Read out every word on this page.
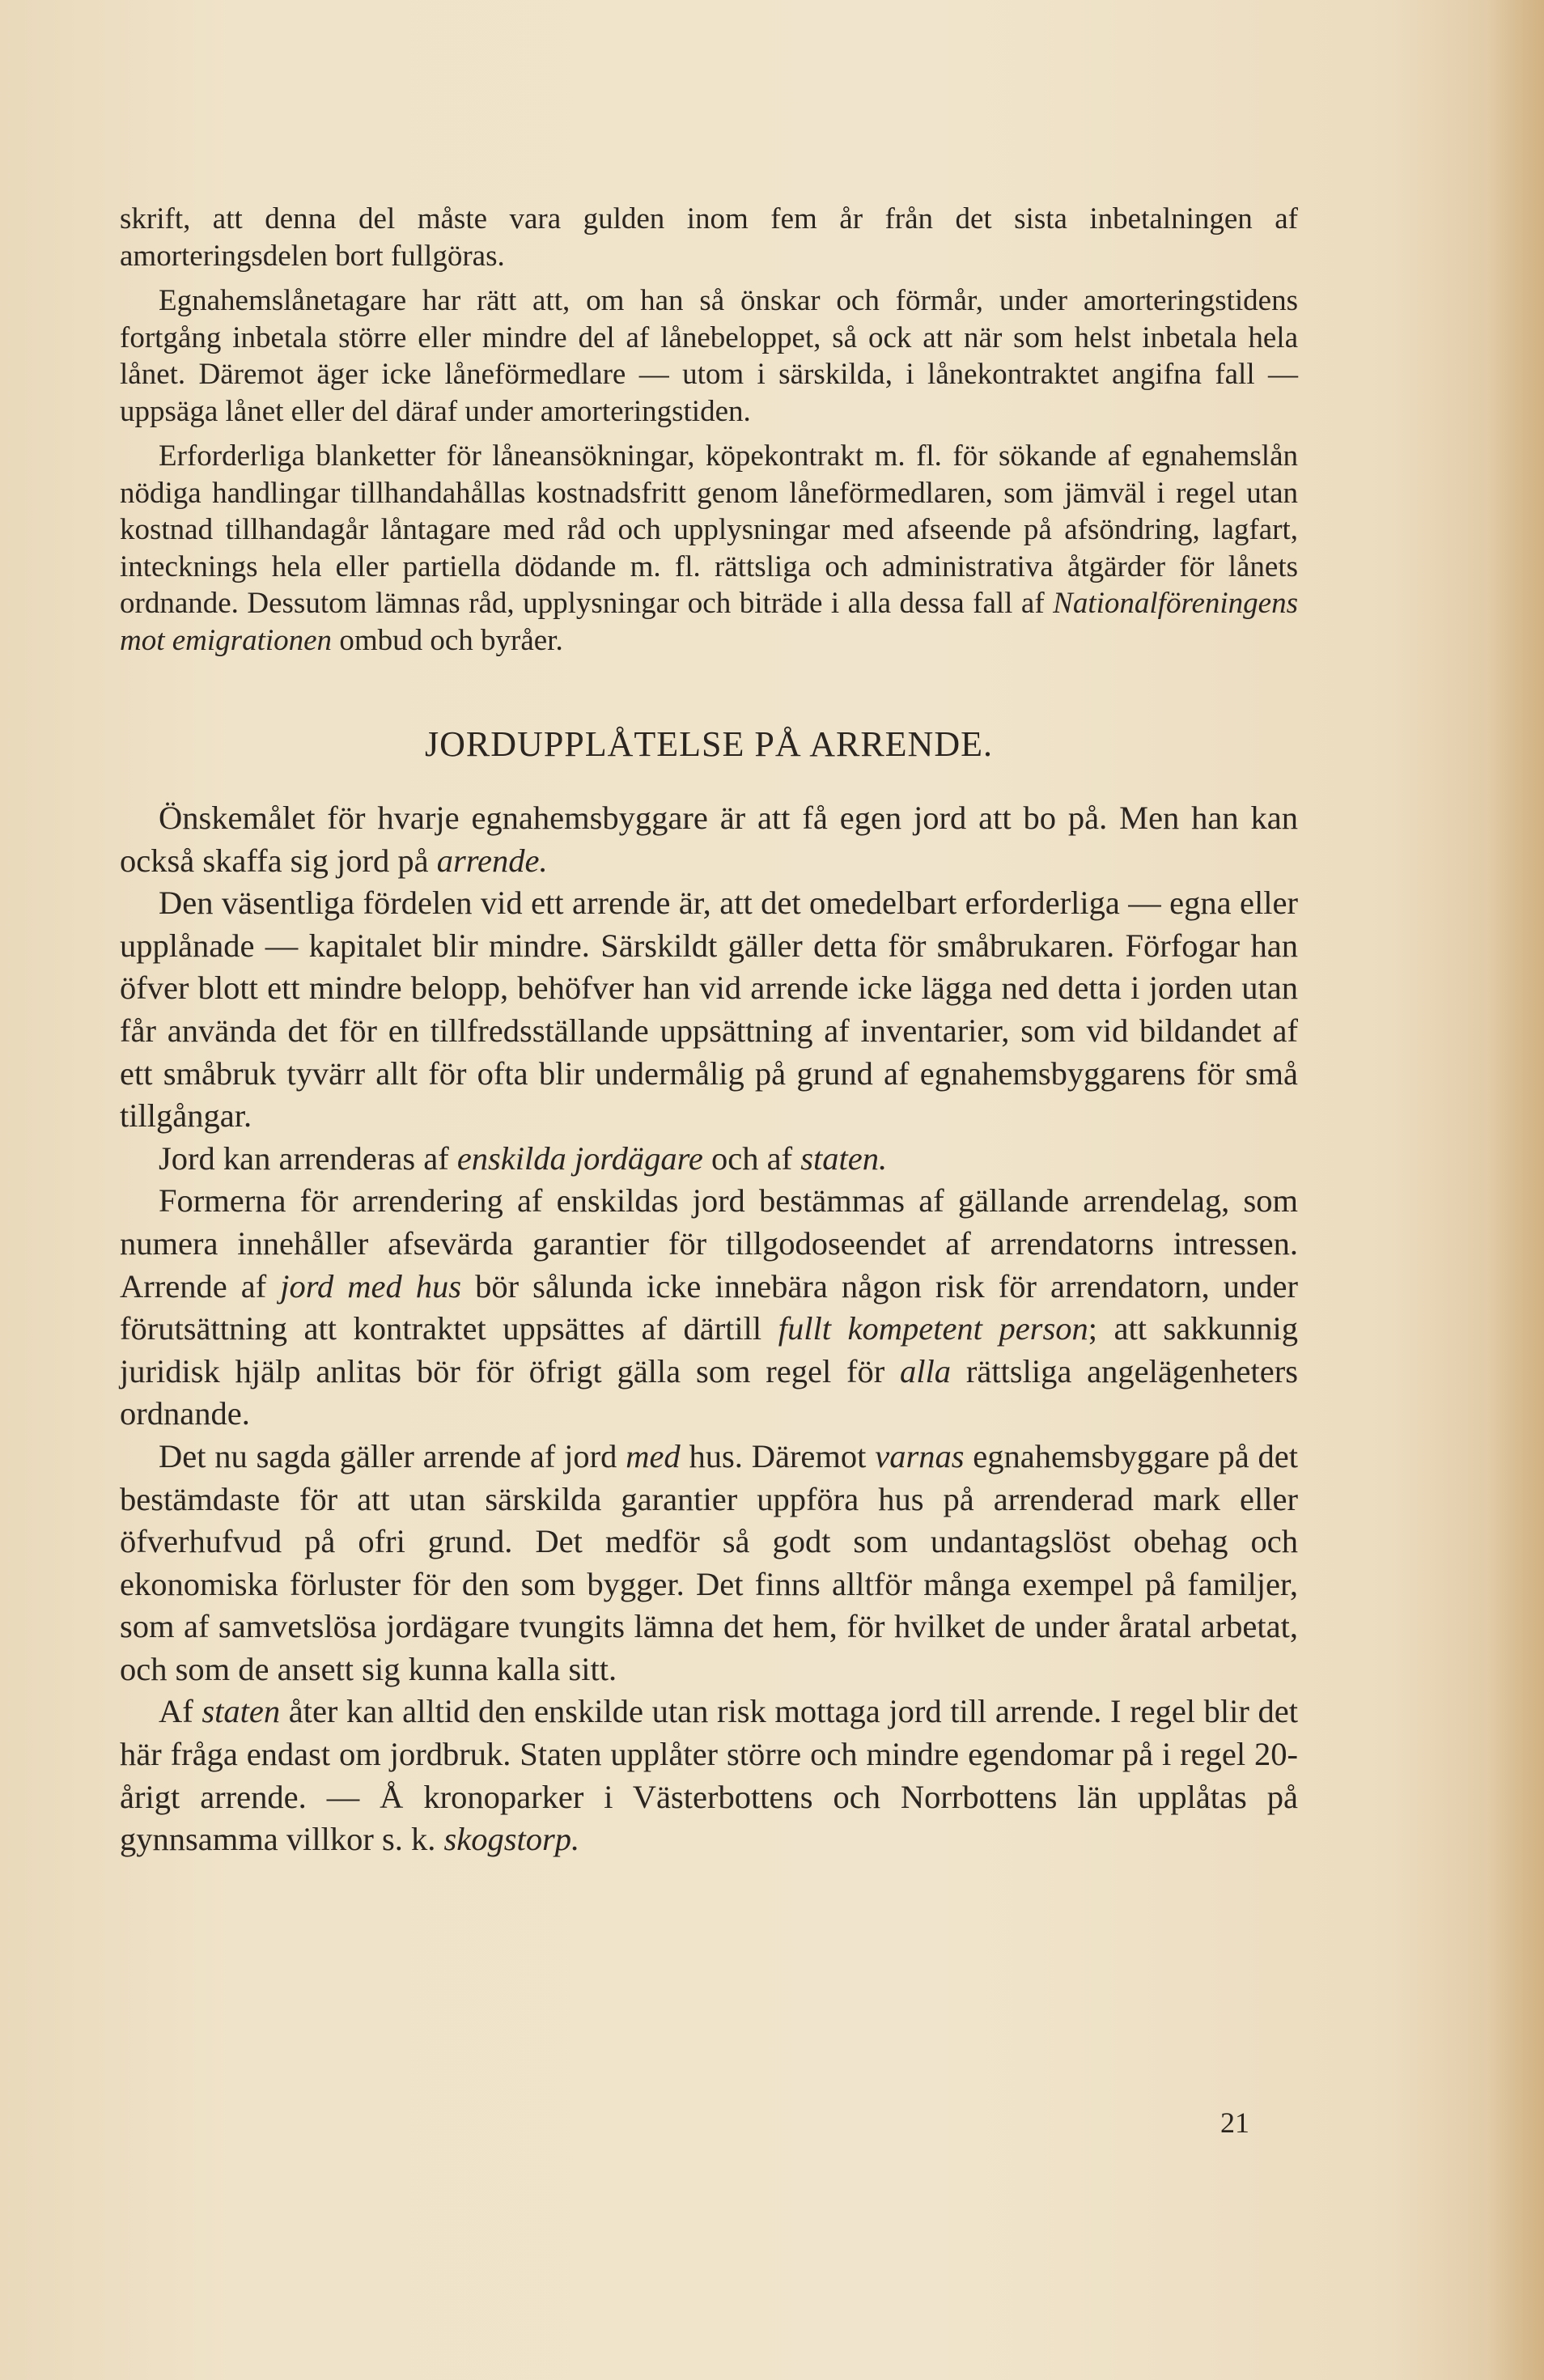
skrift, att denna del måste vara gulden inom fem år från det sista inbetalningen af amorteringsdelen bort fullgöras.

Egnahemslånetagare har rätt att, om han så önskar och förmår, under amorteringstidens fortgång inbetala större eller mindre del af lånebeloppet, så ock att när som helst inbetala hela lånet. Däremot äger icke låneförmedlare — utom i särskilda, i lånekontraktet angifna fall — uppsäga lånet eller del däraf under amorteringstiden.

Erforderliga blanketter för låneansökningar, köpekontrakt m. fl. för sökande af egnahemslån nödiga handlingar tillhandahållas kostnadsfritt genom låneförmedlaren, som jämväl i regel utan kostnad tillhandagår låntagare med råd och upplysningar med afseende på afsöndring, lagfart, intecknings hela eller partiella dödande m. fl. rättsliga och administrativa åtgärder för lånets ordnande. Dessutom lämnas råd, upplysningar och biträde i alla dessa fall af Nationalföreningens mot emigrationen ombud och byråer.

JORDUPPLÅTELSE PÅ ARRENDE.

Önskemålet för hvarje egnahemsbyggare är att få egen jord att bo på. Men han kan också skaffa sig jord på arrende.

Den väsentliga fördelen vid ett arrende är, att det omedelbart erforderliga — egna eller upplånade — kapitalet blir mindre. Särskildt gäller detta för småbrukaren. Förfogar han öfver blott ett mindre belopp, behöfver han vid arrende icke lägga ned detta i jorden utan får använda det för en tillfredsställande uppsättning af inventarier, som vid bildandet af ett småbruk tyvärr allt för ofta blir undermålig på grund af egnahemsbyggarens för små tillgångar.

Jord kan arrenderas af enskilda jordägare och af staten.

Formerna för arrendering af enskildas jord bestämmas af gällande arrendelag, som numera innehåller afsevärda garantier för tillgodoseendet af arrendatorns intressen. Arrende af jord med hus bör sålunda icke innebära någon risk för arrendatorn, under förutsättning att kontraktet uppsättes af därtill fullt kompetent person; att sakkunnig juridisk hjälp anlitas bör för öfrigt gälla som regel för alla rättsliga angelägenheters ordnande.

Det nu sagda gäller arrende af jord med hus. Däremot varnas egnahemsbyggare på det bestämdaste för att utan särskilda garantier uppföra hus på arrenderad mark eller öfverhufvud på ofri grund. Det medför så godt som undantagslöst obehag och ekonomiska förluster för den som bygger. Det finns alltför många exempel på familjer, som af samvetslösa jordägare tvungits lämna det hem, för hvilket de under åratal arbetat, och som de ansett sig kunna kalla sitt.

Af staten åter kan alltid den enskilde utan risk mottaga jord till arrende. I regel blir det här fråga endast om jordbruk. Staten upplåter större och mindre egendomar på i regel 20-årigt arrende. — Å kronoparker i Västerbottens och Norrbottens län upplåtas på gynnsamma villkor s. k. skogstorp.

21
